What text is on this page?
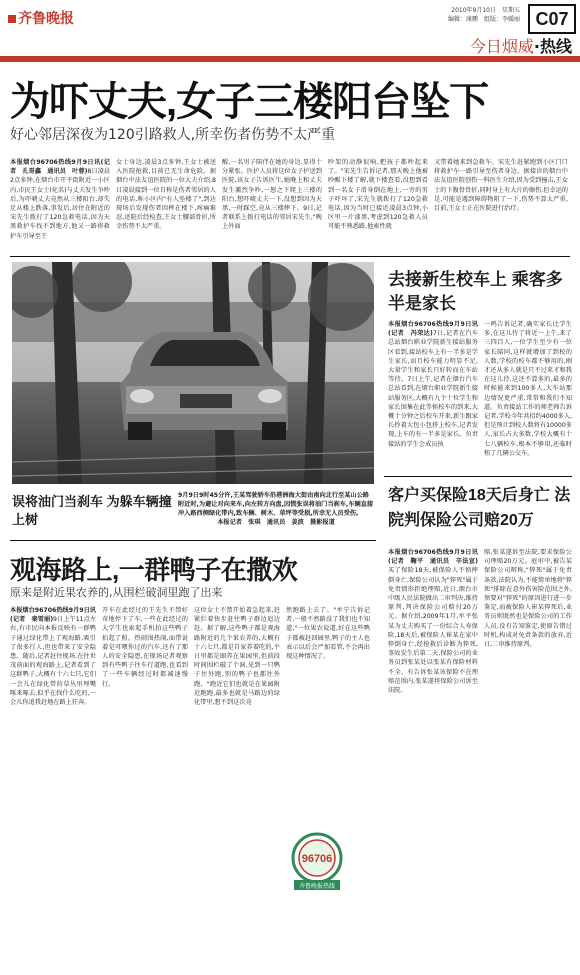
齐鲁晚报
2010年9月10日　星期五
编辑：康鹏　组版：李媛丽 C07
今日烟威·热线
为吓丈夫,女子三楼阳台坠下
好心邻居深夜为120引路救人,所幸伤者伤势不太严重
本报烟台96706热线9月9日讯(记者　孔哥鑫　通讯员　叶蓉)8日凌晨2点多钟,在烟台市开平街附近一小区内,市民王女士(化名)与丈夫发生争吵后,为吓唬丈夫竟然从三楼阳台,却失足从楼上跌落,事发后,居住在附近的宋先生拨打了120急救电话,因为天黑救护车找不到地方,他又一路将救护车引导至王
女士身边,凌晨3点多钟,王女士被送入医院抢救,目前已无生命危险。据烟台中法友谊医院的一位大夫介绍,8日凌晨接到一位自称是伤者邻居的人的电话,称小区内"有人坠楼了",到达现场后发现伤者因摔在楼下,疼痛难忍,送院后经检查,王女士腰部骨折,所幸伤势不太严重。
醒,一名男子陪伴在她的身边,显得十分紧张。医护人员将这位女子护送到医院,该女子告诉医生,她晚上和丈夫发生激烈争吵,一怒之下爬上三楼的阳台,想吓唬丈夫一下,没想到因为天黑,一时踩空,竟从三楼摔下。9日,记者联系上拨打电话的邻居宋先生,"晚上外面
吵架的动静很响,把孩子都吵起来了。"宋先生告诉记者,那天晚上他被吵醒下楼了解,就下楼查看,没想到看到一名女子滑身倒在地上,一旁的男子吓坏了,宋先生就拨打了120急救电话,因为当时已接近凌晨3点钟,小区里一片漆黑,考虑到120急救人员可能不熟悉路,他索性就
又带着她来到急救车。宋先生赶紧跑到小区门口将救护车一路引导至伤者身边。据接诊的烟台中法友谊医院创伤一科医生介绍,因为受到撞击,王女士的下腹骨骨折,同时身上有大片的擦伤,但幸运的是,可能是遇到障碍物阻了一下,伤势不算太严重,目前,王女士正在医院进行治疗。
误将油门当刹车 为躲车辆撞上树
9月9日9时45分许,王某驾驶轿车沿港洲海大街由南向北行至某山公路附近时,为避让对向来车,向左转方向盘,因慌张误将油门当刹车,车辆直接冲入路西侧绿化带内,致车辆、树木、草坪等受损,所幸无人员受伤。
本报记者　张琪　通讯员　姜波　摄影报道
去接新生校车上 乘客多半是家长
本报烟台96706热线9月9日讯(记者　冯荣达)7日,记者在汽车总站烟台职业学院新生接站服务区看到,接站校车上有一半多是学生家长,而且校车能力明显不足,大量学生和家长只好转而在车站等待。7日上午,记者在烟台汽车总站看到,在烟台职业学院新生接站服务区,大概有九个十位学生和家长围集在此等候校车的到来,大概十分钟之后校车开来,新生跟家长拎着大包小包挤上校车,记者发现,上车的有一半多是家长。负责接站的学生会成员执
一鸣告诉记者,确实家长比学生多,在这儿待了将近一上午,来了三四百人,一位学生至少有一位家长陪同,这样就增加了到校的人数,学校的校车都不够用的,刚才还从多人就是只不过来才和我在这儿待,这还不算多的,最多的时候能来到100多人,大车站那边情况更严重,常常和我们不知道。负责接站工作的师老师告诉记者,学校今年共招约4000多人,但是预计到校人数将有10000多人,家长占大多数,学校大概有十七八辆校车,根本不够用,还临时租了几辆公交车。
客户买保险18天后身亡 法院判保险公司赔20万
本报烟台96706热线9月9日讯(记者　鞠平　通讯员　辛法宣)买了保险18天,被保险人不慎摔倒身亡,保险公司认为"猝死"属于免责情形拒绝理赔,近日,烟台市中级人民法院做出二审判决,维持原判,判决保险公司赔付20万元。据介绍,2009年1月,牟平张某为丈夫购买了一份综合人寿保险,18天后,被保险人崔某在家中猝倒身亡,经抢救后诊断为猝死,事故发生后第二天,保险公司的业务员到张某处以张某有保险材料不全、有告诉张某该保险不在理赔范围内,张某遂将保险公司诉至法院。
赔,张某遂诉至法院,要求保险公司理赔20万元。庭审中,被告某保险公司辩称,"猝死"属于免责条款,法院认为,不能简单地将"猝死"排除在意外伤害险范围之外,须要对"猝死"的原因进行进一步鉴定,而被保险人崔某猝死后,业务员则既然也是保险公司的工作人员,没有告知鉴定,使原告错过时机,构成对免责条款的放弃,近日,二审维持原判。
观海路上,一群鸭子在撒欢
原来是附近果农养的,从围栏破洞里跑了出来
本报烟台96706热线9月9日讯(记者　秦雪丽)9日上午11点左右,有市民向本报反映有一群鸭子通过绿化带上了观海路,吸引了很多行人,但也带来了安全隐患。随后,记者赶往现场,在往世茂前面的观海路上,记者看到了这群鸭子,大概有十六七只,它们一会儿在绿化带的草丛里埋嘴啄来啄去,似乎在找什么吃的,一会儿你追我赶地在路上狂奔。
开车在此经过的王先生不禁好奇地停下了车,一些在此经过的大学生也索起手机拍这些鸭子拍起了照。热闹围热闹,面带说着是可喂你过的汽车,还有了那人的安全隐患,在现场记者观察到有些鸭子往车行道跑,也看到了一些车辆经过时都减速慢行。
这位女士不禁开始着急起来,赶紧拦着快步赶往鸭子群边追边赶。据了解,这些鸭子都是观海路附近的几个果农养的,大概有十六七只,都是自家养着吃的,平日里都是圈养在果园里,但前段时间围栏破了个洞,见到一只鸭子往外跑,别的鸭子也都往外跑。"跑近它们也就是在果园附近跑跑,最多也就是马路边的绿化带里,想不到这次竟
然跑路上去了。"牟宁告诉记者,一般不然路没了我们也不知道,"一位果农说道,好在这些鸭子都被赶回园里,鸭子的主人也表示以后会严加看管,不会再出现这种情况了。
96706
齐鲁晚报热线
